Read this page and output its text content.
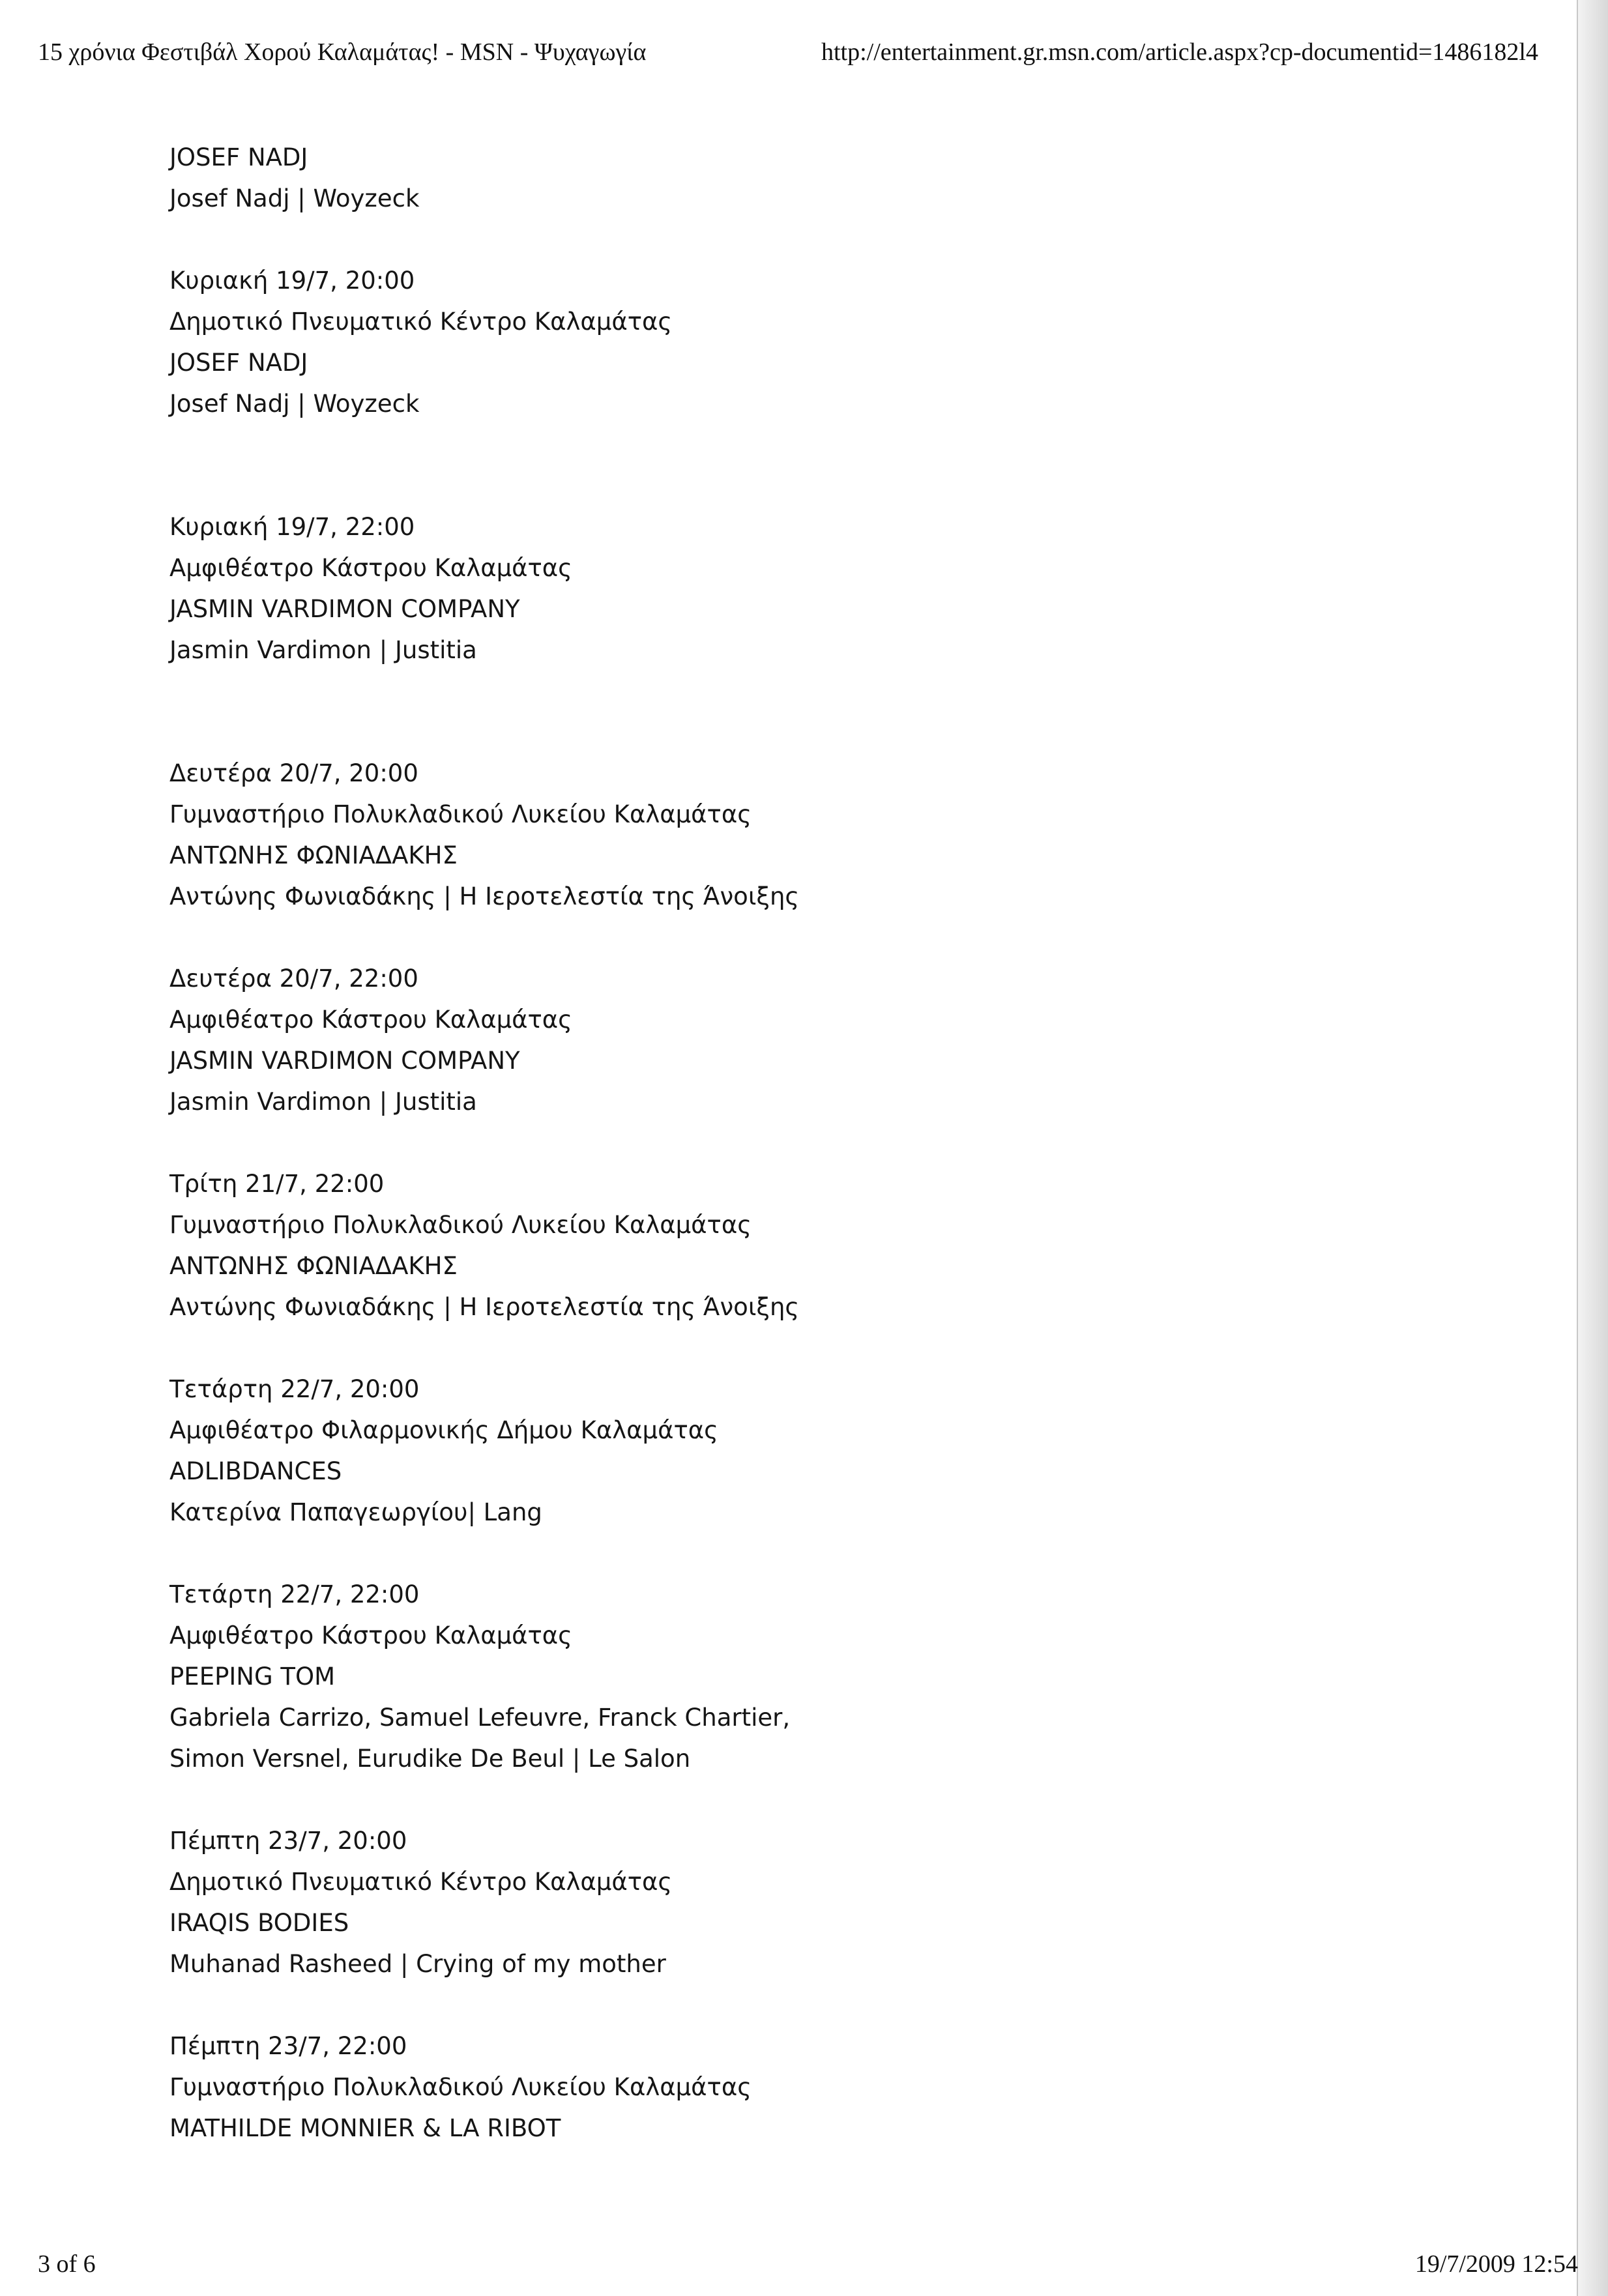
15 χρόνια Φεστιβάλ Χορού Καλαμάτας! - MSN - Ψυχαγωγία	http://entertainment.gr.msn.com/article.aspx?cp-documentid=1486182l4
JOSEF NADJ
Josef Nadj | Woyzeck
Κυριακή 19/7, 20:00
Δημοτικό Πνευματικό Κέντρο Καλαμάτας
JOSEF NADJ
Josef Nadj | Woyzeck
Κυριακή 19/7, 22:00
Αμφιθέατρο Κάστρου Καλαμάτας
JASMIN VARDIMON COMPANY
Jasmin Vardimon | Justitia
Δευτέρα 20/7, 20:00
Γυμναστήριο Πολυκλαδικού Λυκείου Καλαμάτας
ΑΝΤΩΝΗΣ ΦΩΝΙΑΔΑΚΗΣ
Αντώνης Φωνιαδάκης | Η Ιεροτελεστία της Άνοιξης
Δευτέρα 20/7, 22:00
Αμφιθέατρο Κάστρου Καλαμάτας
JASMIN VARDIMON COMPANY
Jasmin Vardimon | Justitia
Τρίτη 21/7, 22:00
Γυμναστήριο Πολυκλαδικού Λυκείου Καλαμάτας
ΑΝΤΩΝΗΣ ΦΩΝΙΑΔΑΚΗΣ
Αντώνης Φωνιαδάκης | Η Ιεροτελεστία της Άνοιξης
Τετάρτη 22/7, 20:00
Αμφιθέατρο Φιλαρμονικής Δήμου Καλαμάτας
ADLIBDANCES
Κατερίνα Παπαγεωργίου| Lang
Τετάρτη 22/7, 22:00
Αμφιθέατρο Κάστρου Καλαμάτας
PEEPING TOM
Gabriela Carrizo, Samuel Lefeuvre, Franck Chartier,
Simon Versnel, Eurudike De Beul | Le Salon
Πέμπτη 23/7, 20:00
Δημοτικό Πνευματικό Κέντρο Καλαμάτας
IRAQIS BODIES
Muhanad Rasheed | Crying of my mother
Πέμπτη 23/7, 22:00
Γυμναστήριο Πολυκλαδικού Λυκείου Καλαμάτας
MATHILDE MONNIER & LA RIBOT
3 of 6	19/7/2009 12:54
